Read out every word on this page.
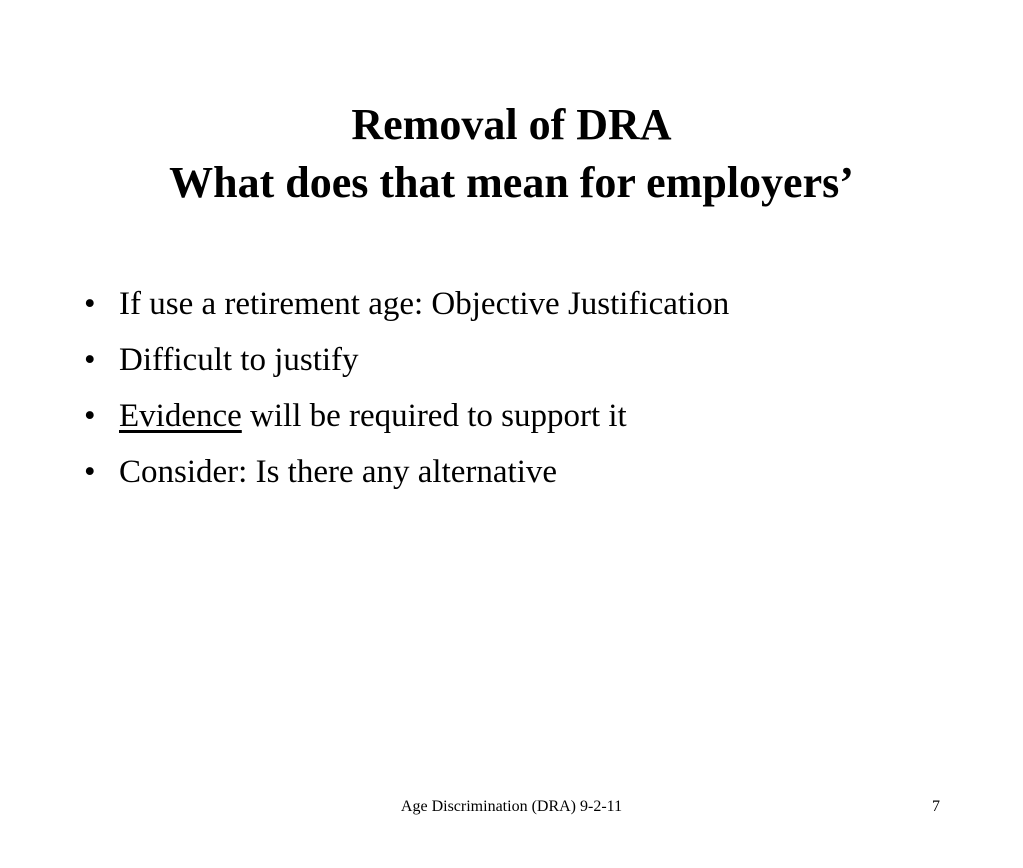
Removal of DRA
What does that mean for employers’
• If use a retirement age: Objective Justification
• Difficult to justify
• Evidence will be required to support it
• Consider: Is there any alternative
Age Discrimination (DRA) 9-2-11	7
